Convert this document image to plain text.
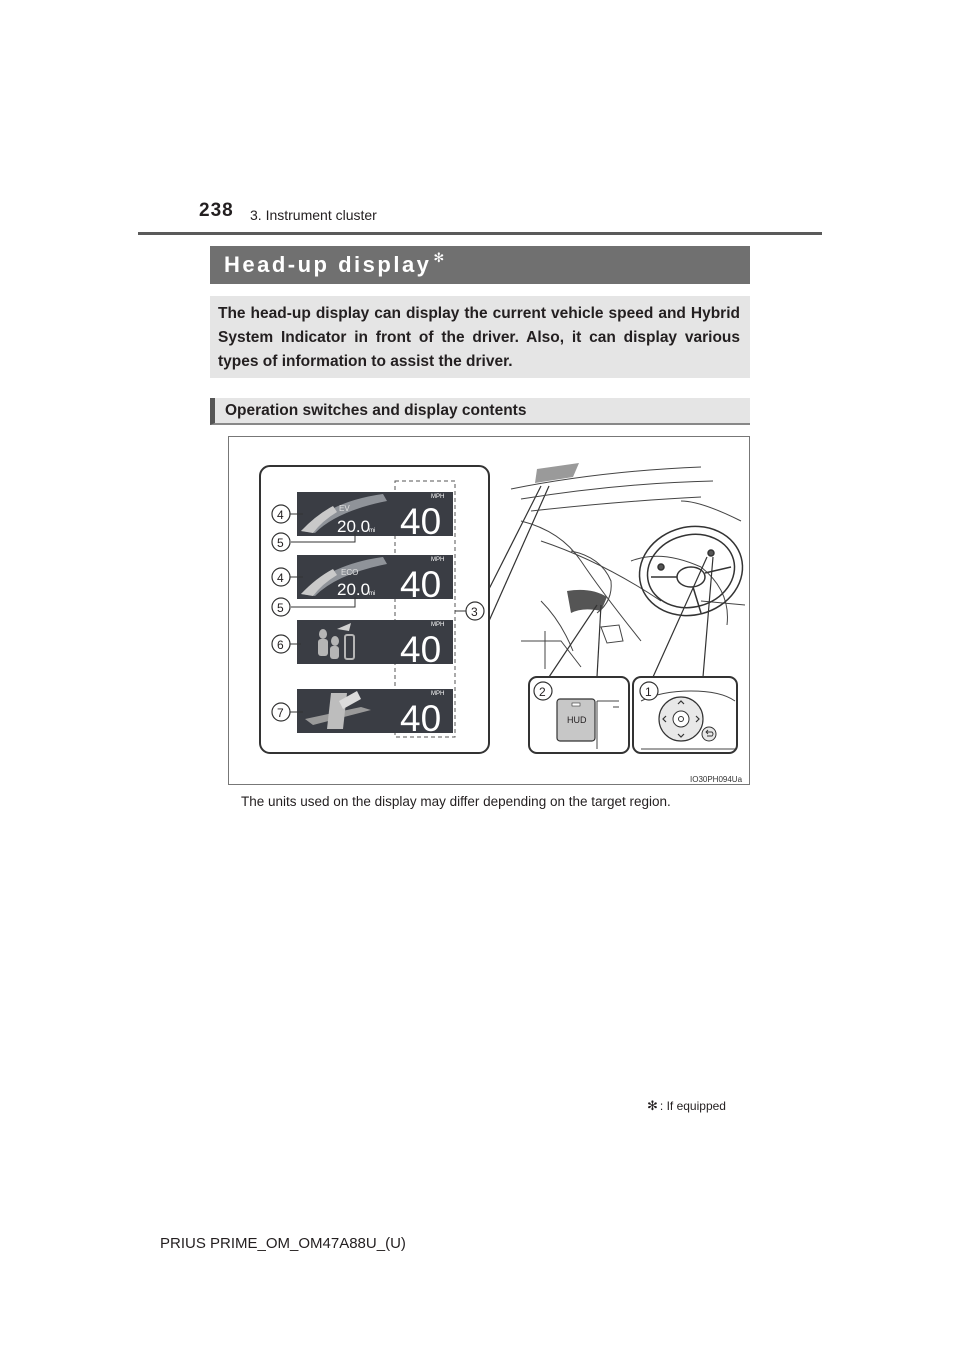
238 3. Instrument cluster
Head-up display ✻
The head-up display can display the current vehicle speed and Hybrid System Indicator in front of the driver. Also, it can display various types of information to assist the driver.
Operation switches and display contents
EV
20.0
mi
MPH
40
ECO
20.0
mi
MPH
40
MPH
40
MPH
40
4
5
4
5
6
7
3
HUD
2	1
IO30PH094Ua
The units used on the display may differ depending on the target region.
✻ : If equipped
PRIUS PRIME_OM_OM47A88U_(U)
